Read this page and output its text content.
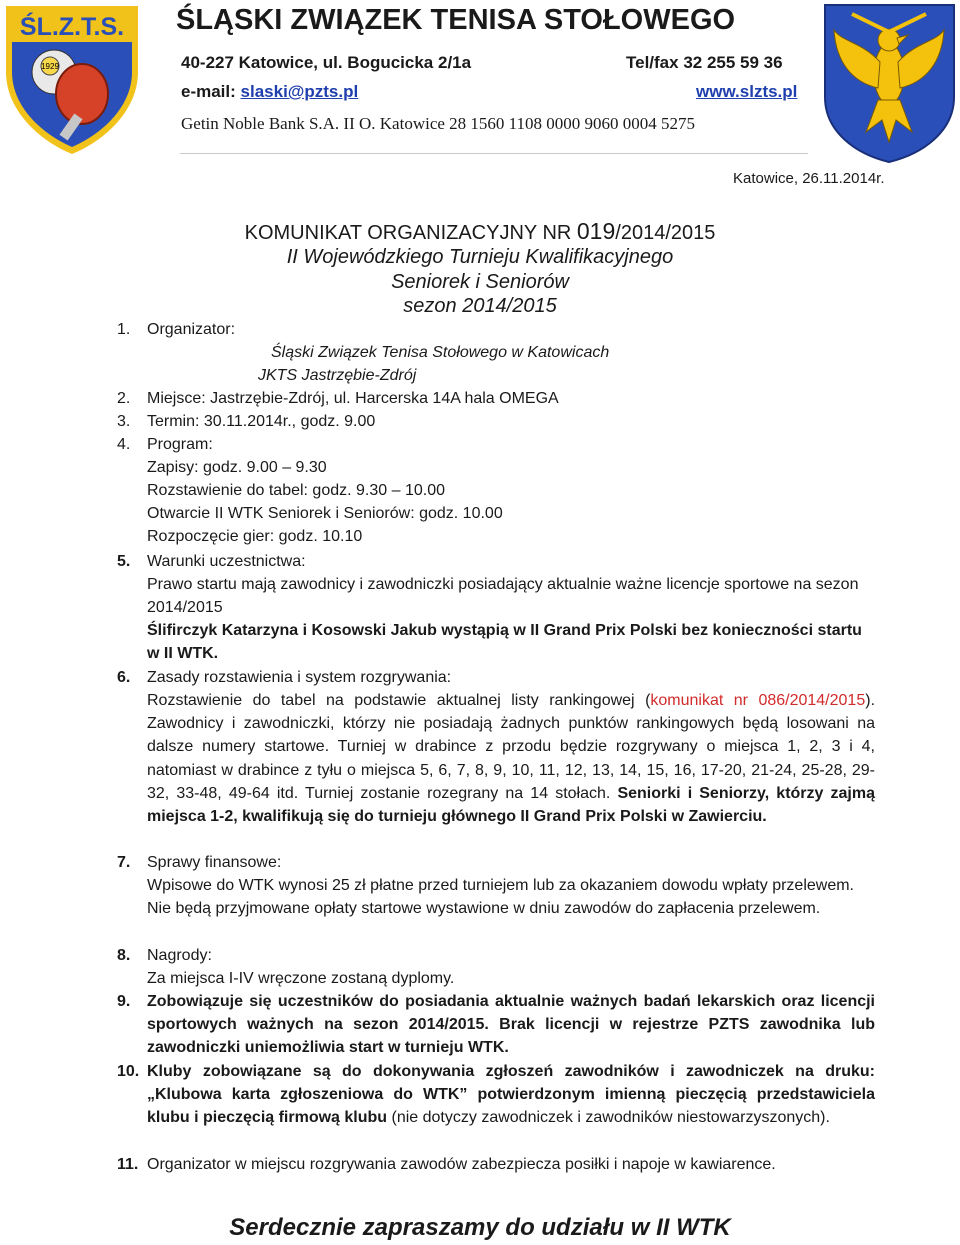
ŚL.Z.T.S.
1929
ŚLĄSKI ZWIĄZEK TENISA STOŁOWEGO
40-227 Katowice, ul. Bogucicka 2/1a	Tel/fax 32 255 59 36
e-mail: slaski@pzts.pl	www.slzts.pl
Getin Noble Bank S.A. II O. Katowice 28 1560 1108 0000 9060 0004 5275
Katowice, 26.11.2014r.
KOMUNIKAT ORGANIZACYJNY NR 019/2014/2015
II Wojewódzkiego Turnieju Kwalifikacyjnego
Seniorek i Seniorów
sezon 2014/2015
1. Organizator:
Śląski Związek Tenisa Stołowego w Katowicach
JKTS Jastrzębie-Zdrój
2. Miejsce: Jastrzębie-Zdrój, ul. Harcerska 14A hala OMEGA
3. Termin: 30.11.2014r., godz. 9.00
4. Program:
Zapisy: godz. 9.00 – 9.30
Rozstawienie do tabel: godz. 9.30 – 10.00
Otwarcie II WTK Seniorek i Seniorów: godz. 10.00
Rozpoczęcie gier: godz. 10.10
5. Warunki uczestnictwa:
Prawo startu mają zawodnicy i zawodniczki posiadający aktualnie ważne licencje sportowe na sezon 2014/2015
Ślifirczyk Katarzyna i Kosowski Jakub wystąpią w II Grand Prix Polski bez konieczności startu w II WTK.
6. Zasady rozstawienia i system rozgrywania:
Rozstawienie do tabel na podstawie aktualnej listy rankingowej (komunikat nr 086/2014/2015). Zawodnicy i zawodniczki, którzy nie posiadają żadnych punktów rankingowych będą losowani na dalsze numery startowe. Turniej w drabince z przodu będzie rozgrywany o miejsca 1, 2, 3 i 4, natomiast w drabince z tyłu o miejsca 5, 6, 7, 8, 9, 10, 11, 12, 13, 14, 15, 16, 17-20, 21-24, 25-28, 29-32, 33-48, 49-64 itd. Turniej zostanie rozegrany na 14 stołach. Seniorki i Seniorzy, którzy zajmą miejsca 1-2, kwalifikują się do turnieju głównego II Grand Prix Polski w Zawierciu.
7. Sprawy finansowe:
Wpisowe do WTK wynosi 25 zł płatne przed turniejem lub za okazaniem dowodu wpłaty przelewem. Nie będą przyjmowane opłaty startowe wystawione w dniu zawodów do zapłacenia przelewem.
8. Nagrody:
Za miejsca I-IV wręczone zostaną dyplomy.
9. Zobowiązuje się uczestników do posiadania aktualnie ważnych badań lekarskich oraz licencji sportowych ważnych na sezon 2014/2015. Brak licencji w rejestrze PZTS zawodnika lub zawodniczki uniemożliwia start w turnieju WTK.
10. Kluby zobowiązane są do dokonywania zgłoszeń zawodników i zawodniczek na druku: „Klubowa karta zgłoszeniowa do WTK” potwierdzonym imienną pieczęcią przedstawiciela klubu i pieczęcią firmową klubu (nie dotyczy zawodniczek i zawodników niestowarzyszonych).
11. Organizator w miejscu rozgrywania zawodów zabezpiecza posiłki i napoje w kawiarence.
Serdecznie zapraszamy do udziału w II WTK
